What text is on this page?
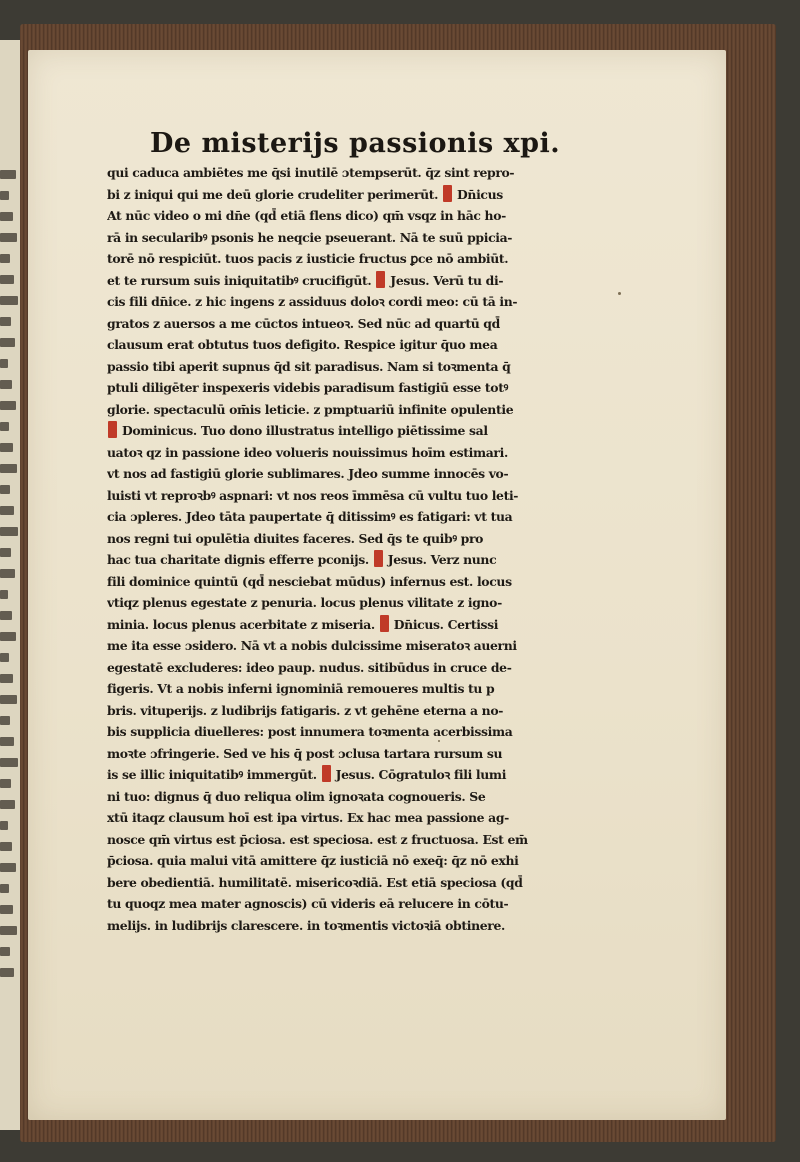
De misterijs passionis xpi.
qui caduca ambiētes me q̄si inutilē ɔtempserūt. q̄z sint repro-
bi z iniqui qui me deū glorie crudeliter perimerūt.  Dn̄icus
At nūc video o mi dn̄e (qd̄ etiā flens dico) qm̄ vsqz in hāc ho-
rā in secularibꝰ psonis he neqcie pseuerant. Nā te suū ppicia-
torē nō respiciūt. tuos pacis z iusticie fructus ꝑce nō ambiūt.
et te rursum suis iniquitatibꝰ crucifigūt.  Jesus. Verū tu di-
cis fili dn̄ice. z hic ingens z assiduus doloꝛ cordi meo: cū tā in-
gratos z auersos a me cūctos intueoꝛ. Sed nūc ad quartū qd̄
clausum erat obtutus tuos defigito. Respice igitur q̄uo mea
passio tibi aperit supnus q̄d sit paradisus. Nam si toꝛmenta q̄
ptuli diligēter inspexeris videbis paradisum fastigiū esse totꝰ
glorie. spectaculū om̄is leticie. z pmptuariū infinite opulentie
Dominicus. Tuo dono illustratus intelligo piētissime sal
uatoꝛ qz in passione ideo volueris nouissimus hoīm estimari.
vt nos ad fastigiū glorie sublimares. Jdeo summe innocēs vo-
luisti vt reproꝛbꝰ aspnari: vt nos reos īmmēsa cū vultu tuo leti-
cia ɔpleres. Jdeo tāta paupertate q̄ ditissimꝰ es fatigari: vt tua
nos regni tui opulētia diuites faceres. Sed q̄s te quibꝰ pro
hac tua charitate dignis efferre pconijs.  Jesus. Verz nunc
fili dominice quintū (qd̄ nesciebat mūdus) infernus est. locus
vtiqz plenus egestate z penuria. locus plenus vilitate z igno-
minia. locus plenus acerbitate z miseria.  Dn̄icus. Certissi
me ita esse ɔsidero. Nā vt a nobis dulcissime miseratoꝛ auerni
egestatē excluderes: ideo paup. nudus. sitibūdus in cruce de-
figeris. Vt a nobis inferni ignominiā remoueres multis tu p
bris. vituperijs. z ludibrijs fatigaris. z vt gehēne eterna a no-
bis supplicia diuelleres: post innumera toꝛmenta acerbissima
moꝛte ɔfringerie. Sed ve his q̄ post ɔclusa tartara rursum su
is se illic iniquitatibꝰ immergūt.  Jesus. Cōgratuloꝛ fili lumi
ni tuo: dignus q̄ duo reliqua olim ignoꝛata cognoueris. Se
xtū itaqz clausum hoī est ipa virtus. Ex hac mea passione ag-
nosce qm̄ virtus est p̄ciosa. est speciosa. est z fructuosa. Est em̄
p̄ciosa. quia malui vitā amittere q̄z iusticiā nō exeq̄: q̄z nō exhi
bere obedientiā. humilitatē. misericoꝛdiā. Est etiā speciosa (qd̄
tu quoqz mea mater agnoscis) cū videris eā relucere in cōtu-
melijs. in ludibrijs clarescere. in toꝛmentis victoꝛiā obtinere.
